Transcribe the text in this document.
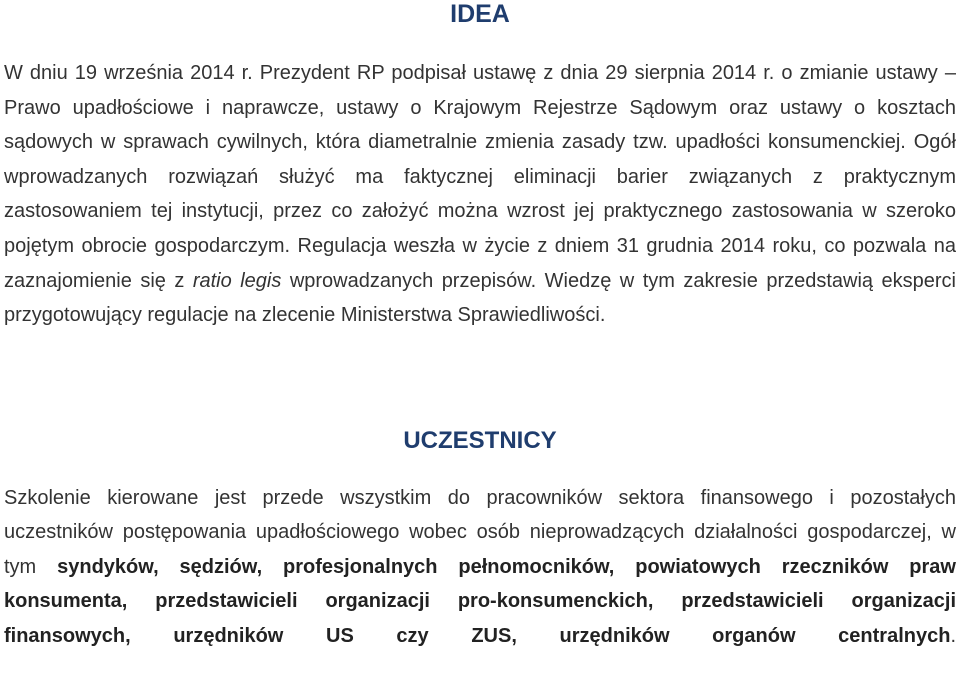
IDEA

W dniu 19 września 2014 r. Prezydent RP podpisał ustawę z dnia 29 sierpnia 2014 r. o zmianie ustawy – Prawo upadłościowe i naprawcze, ustawy o Krajowym Rejestrze Sądowym oraz ustawy o kosztach sądowych w sprawach cywilnych, która diametralnie zmienia zasady tzw. upadłości konsumenckiej. Ogół wprowadzanych rozwiązań służyć ma faktycznej eliminacji barier związanych z praktycznym zastosowaniem tej instytucji, przez co założyć można wzrost jej praktycznego zastosowania w szeroko pojętym obrocie gospodarczym. Regulacja weszła w życie z dniem 31 grudnia 2014 roku, co pozwala na zaznajomienie się z ratio legis wprowadzanych przepisów. Wiedzę w tym zakresie przedstawią eksperci przygotowujący regulacje na zlecenie Ministerstwa Sprawiedliwości.

UCZESTNICY

Szkolenie kierowane jest przede wszystkim do pracowników sektora finansowego i pozostałych uczestników postępowania upadłościowego wobec osób nieprowadzących działalności gospodarczej, w tym syndyków, sędziów, profesjonalnych pełnomocników, powiatowych rzeczników praw konsumenta, przedstawicieli organizacji pro-konsumenckich, przedstawicieli organizacji finansowych, urzędników US czy ZUS, urzędników organów centralnych.
